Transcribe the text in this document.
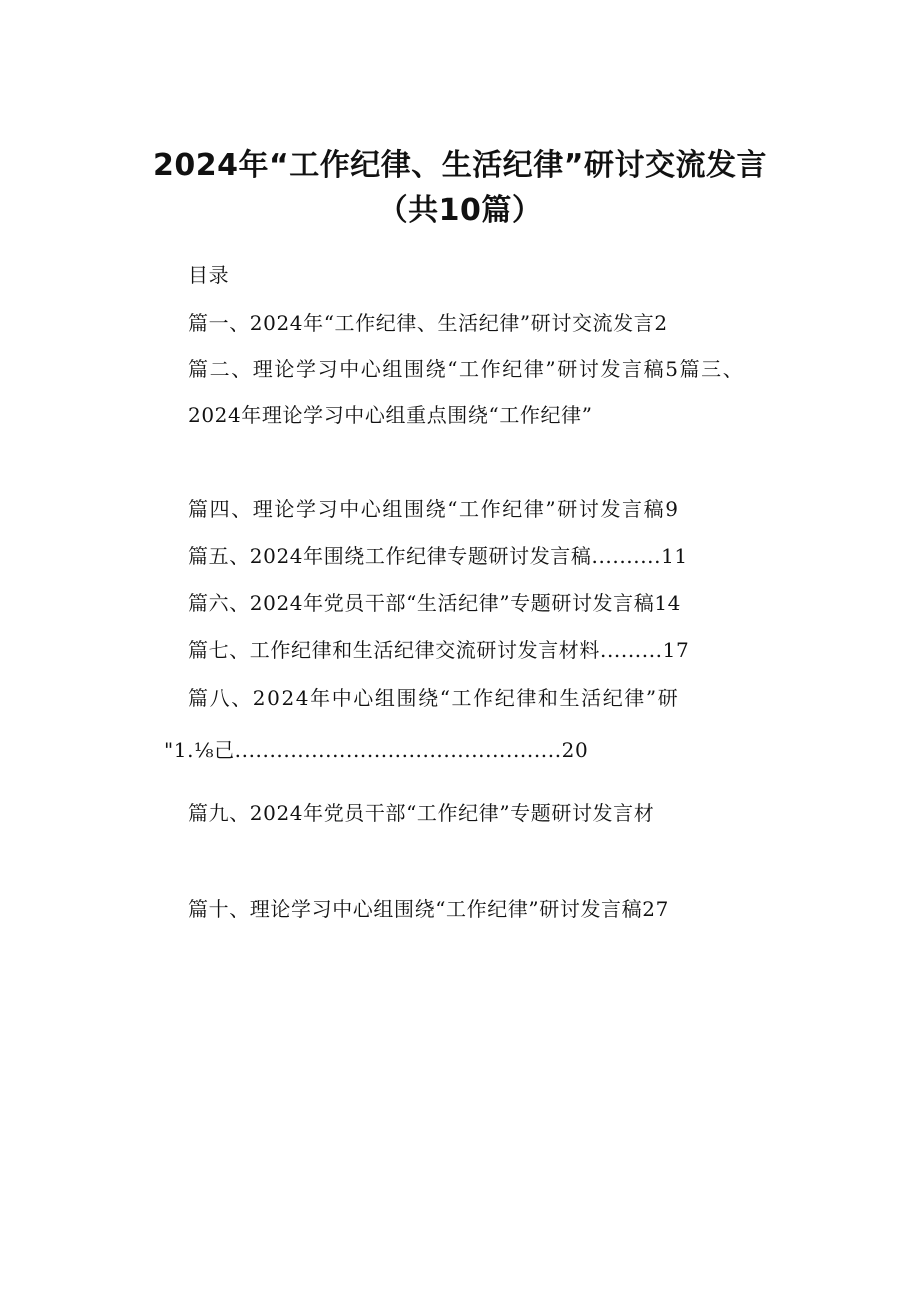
2024年“工作纪律、生活纪律”研讨交流发言
（共10篇）
目录
篇一、2024年“工作纪律、生活纪律”研讨交流发言2
篇二、理论学习中心组围绕“工作纪律”研讨发言稿5篇三、
2024年理论学习中心组重点围绕“工作纪律”
篇四、理论学习中心组围绕“工作纪律”研讨发言稿9
篇五、2024年围绕工作纪律专题研讨发言稿..........11
篇六、2024年党员干部“生活纪律”专题研讨发言稿14
篇七、工作纪律和生活纪律交流研讨发言材料.........17
篇八、2024年中心组围绕“工作纪律和生活纪律”研
"1.⅛己...............................................20
篇九、2024年党员干部“工作纪律”专题研讨发言材
篇十、理论学习中心组围绕“工作纪律”研讨发言稿27
